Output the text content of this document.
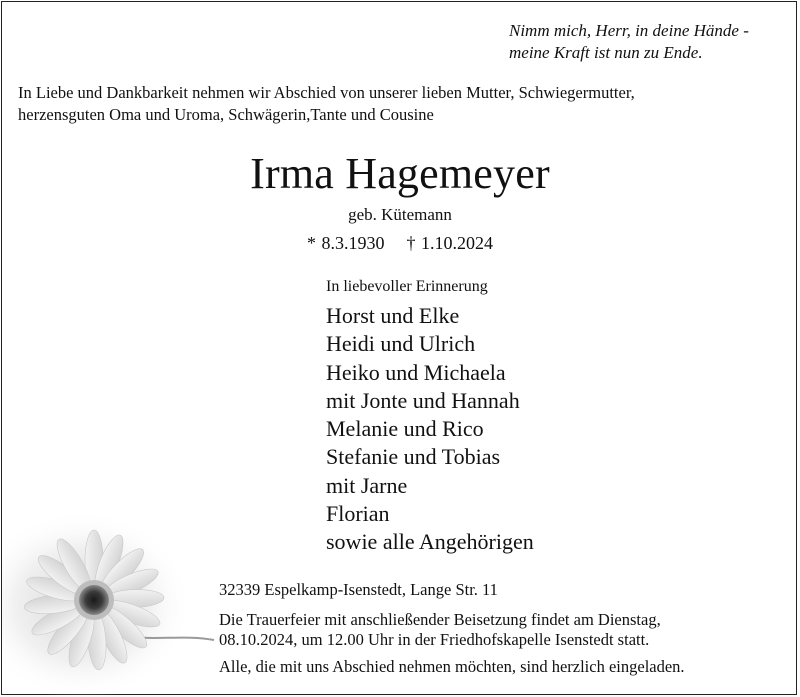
Nimm mich, Herr, in deine Hände -
meine Kraft ist nun zu Ende.
In Liebe und Dankbarkeit nehmen wir Abschied von unserer lieben Mutter, Schwiegermutter,
herzensguten Oma und Uroma, Schwägerin,Tante und Cousine
Irma Hagemeyer
geb. Kütemann
* 8.3.1930 † 1.10.2024
In liebevoller Erinnerung
Horst und Elke
Heidi und Ulrich
Heiko und Michaela
mit Jonte und Hannah
Melanie und Rico
Stefanie und Tobias
mit Jarne
Florian
sowie alle Angehörigen
32339 Espelkamp-Isenstedt, Lange Str. 11
Die Trauerfeier mit anschließender Beisetzung findet am Dienstag,
08.10.2024, um 12.00 Uhr in der Friedhofskapelle Isenstedt statt.
Alle, die mit uns Abschied nehmen möchten, sind herzlich eingeladen.
